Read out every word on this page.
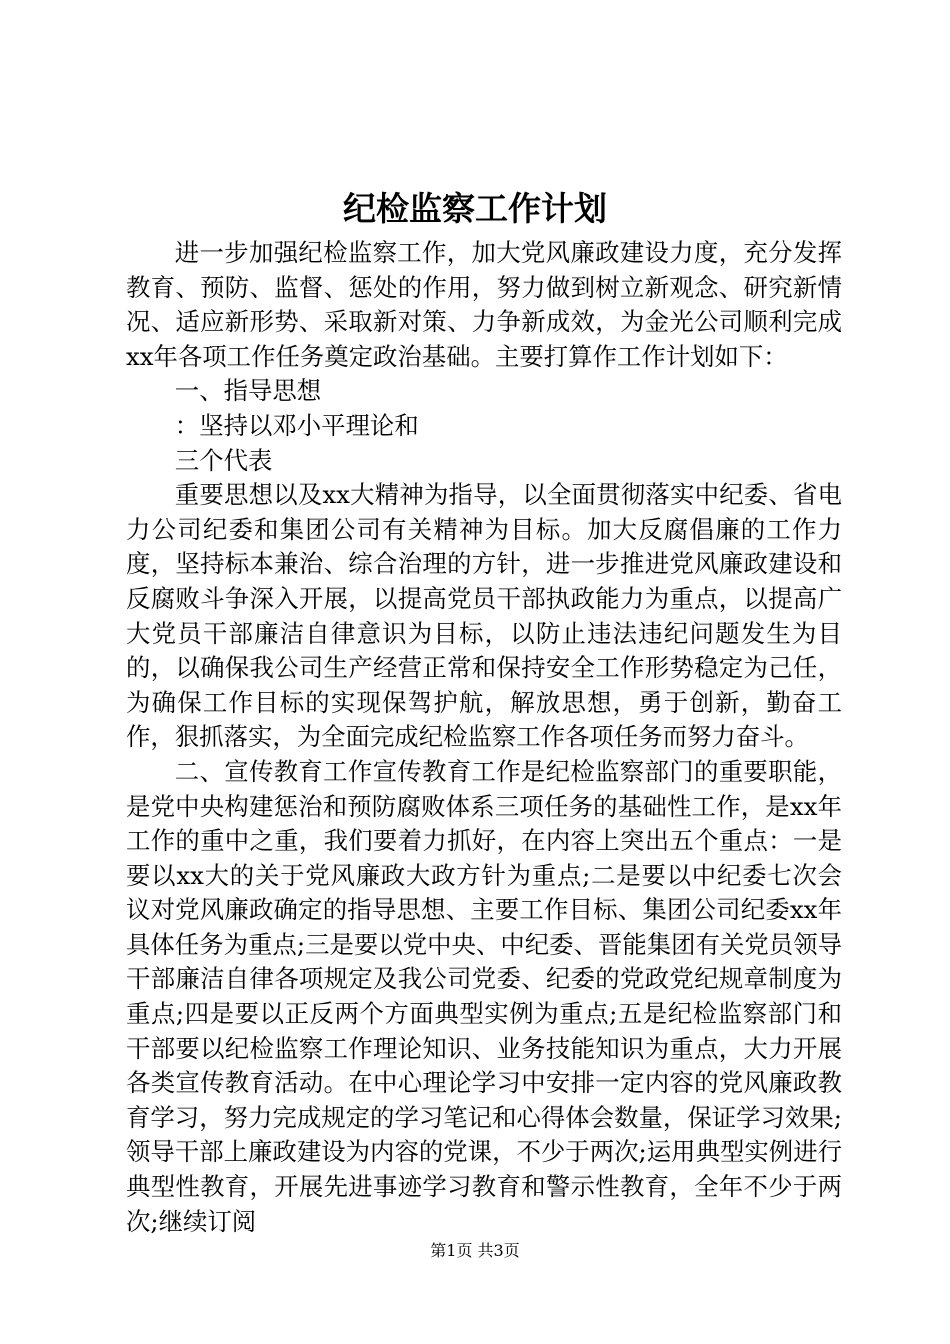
纪检监察工作计划

进一步加强纪检监察工作，加大党风廉政建设力度，充分发挥教育、预防、监督、惩处的作用，努力做到树立新观念、研究新情况、适应新形势、采取新对策、力争新成效，为金光公司顺利完成xx年各项工作任务奠定政治基础。主要打算作工作计划如下：

一、指导思想

：坚持以邓小平理论和

三个代表

重要思想以及xx大精神为指导，以全面贯彻落实中纪委、省电力公司纪委和集团公司有关精神为目标。加大反腐倡廉的工作力度，坚持标本兼治、综合治理的方针，进一步推进党风廉政建设和反腐败斗争深入开展，以提高党员干部执政能力为重点，以提高广大党员干部廉洁自律意识为目标，以防止违法违纪问题发生为目的，以确保我公司生产经营正常和保持安全工作形势稳定为己任，为确保工作目标的实现保驾护航，解放思想，勇于创新，勤奋工作，狠抓落实，为全面完成纪检监察工作各项任务而努力奋斗。

二、宣传教育工作宣传教育工作是纪检监察部门的重要职能，是党中央构建惩治和预防腐败体系三项任务的基础性工作，是xx年工作的重中之重，我们要着力抓好，在内容上突出五个重点：一是要以xx大的关于党风廉政大政方针为重点;二是要以中纪委七次会议对党风廉政确定的指导思想、主要工作目标、集团公司纪委xx年具体任务为重点;三是要以党中央、中纪委、晋能集团有关党员领导干部廉洁自律各项规定及我公司党委、纪委的党政党纪规章制度为重点;四是要以正反两个方面典型实例为重点;五是纪检监察部门和干部要以纪检监察工作理论知识、业务技能知识为重点，大力开展各类宣传教育活动。在中心理论学习中安排一定内容的党风廉政教育学习，努力完成规定的学习笔记和心得体会数量，保证学习效果;领导干部上廉政建设为内容的党课，不少于两次;运用典型实例进行典型性教育，开展先进事迹学习教育和警示性教育，全年不少于两次;继续订阅

第1页 共3页
